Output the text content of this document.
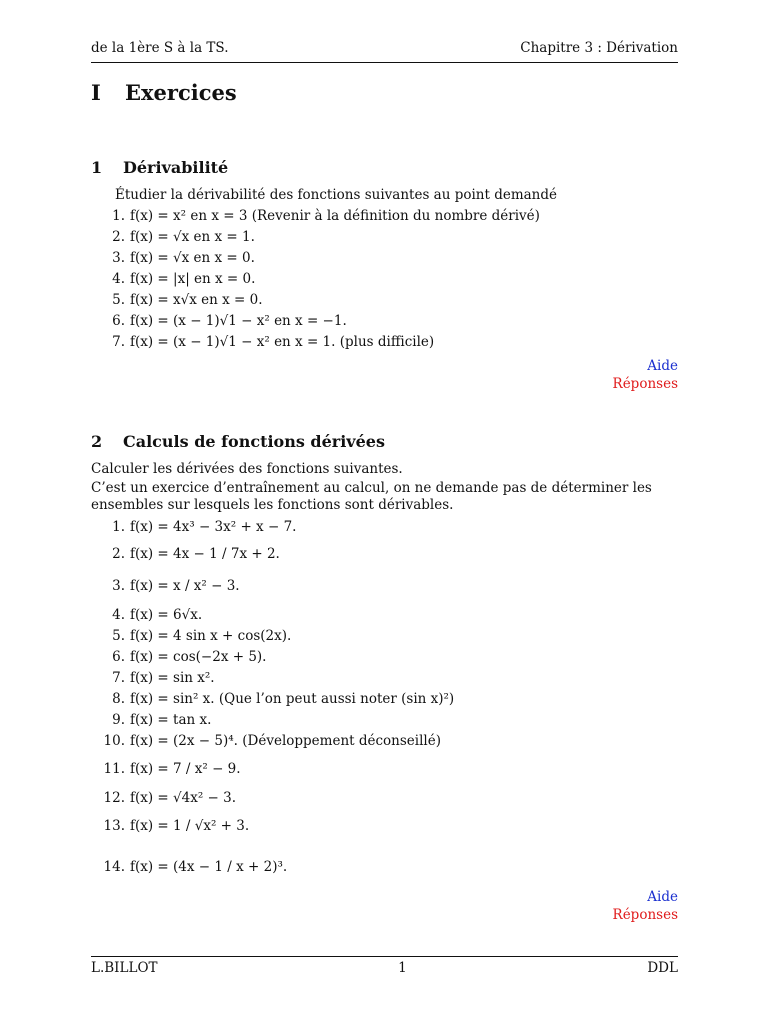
de la 1ère S à la TS.	Chapitre 3 : Dérivation
I Exercices
1 Dérivabilité
Étudier la dérivabilité des fonctions suivantes au point demandé
1. f(x) = x² en x = 3 (Revenir à la définition du nombre dérivé)
2. f(x) = √x en x = 1.
3. f(x) = √x en x = 0.
4. f(x) = |x| en x = 0.
5. f(x) = x√x en x = 0.
6. f(x) = (x − 1)√1 − x² en x = −1.
7. f(x) = (x − 1)√1 − x² en x = 1. (plus difficile)
Aide
Réponses
2 Calculs de fonctions dérivées
Calculer les dérivées des fonctions suivantes.
C’est un exercice d’entraînement au calcul, on ne demande pas de déterminer les ensembles sur lesquels les fonctions sont dérivables.
1. f(x) = 4x³ − 3x² + x − 7.
2. f(x) = 4x − 1 / 7x + 2.
3. f(x) = x / x² − 3.
4. f(x) = 6√x.
5. f(x) = 4 sin x + cos(2x).
6. f(x) = cos(−2x + 5).
7. f(x) = sin x².
8. f(x) = sin² x. (Que l’on peut aussi noter (sin x)²)
9. f(x) = tan x.
10. f(x) = (2x − 5)⁴. (Développement déconseillé)
11. f(x) = 7 / x² − 9.
12. f(x) = √4x² − 3.
13. f(x) = 1 / √x² + 3.
14. f(x) = (4x − 1 / x + 2)³.
Aide
Réponses
L.BILLOT	1	DDL
